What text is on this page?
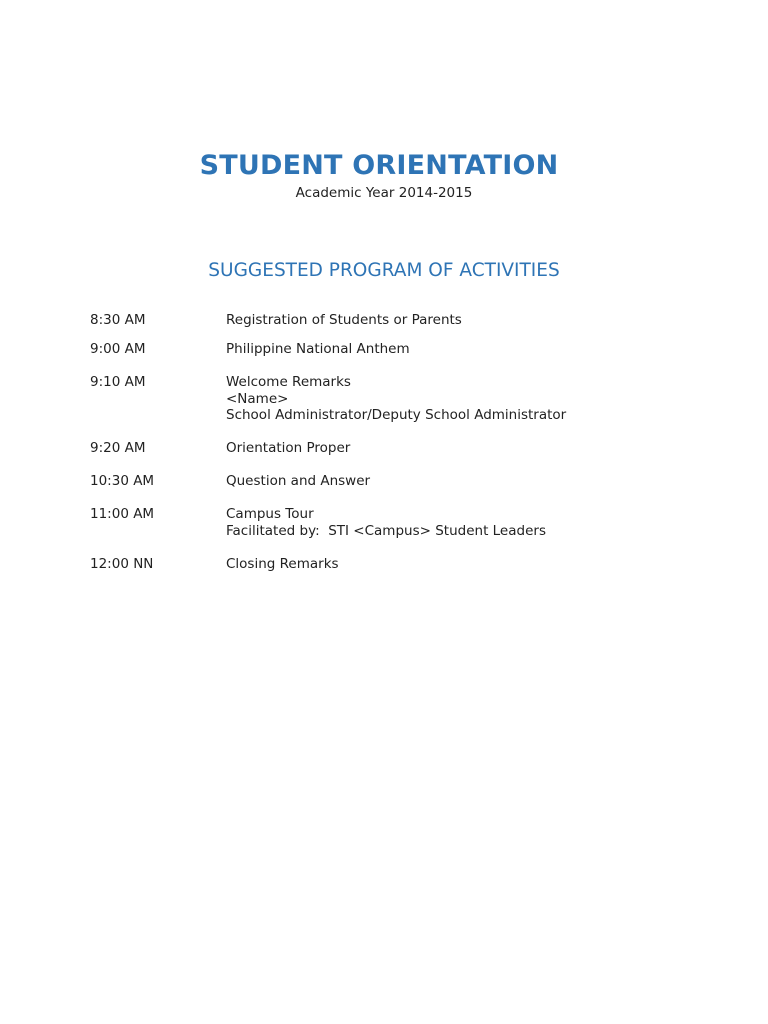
STUDENT ORIENTATION
Academic Year 2014-2015
SUGGESTED PROGRAM OF ACTIVITIES
8:30 AM	Registration of Students or Parents
9:00 AM	Philippine National Anthem
9:10 AM	Welcome Remarks
<Name>
School Administrator/Deputy School Administrator
9:20 AM	Orientation Proper
10:30 AM	Question and Answer
11:00 AM	Campus Tour
Facilitated by:  STI <Campus> Student Leaders
12:00 NN	Closing Remarks
